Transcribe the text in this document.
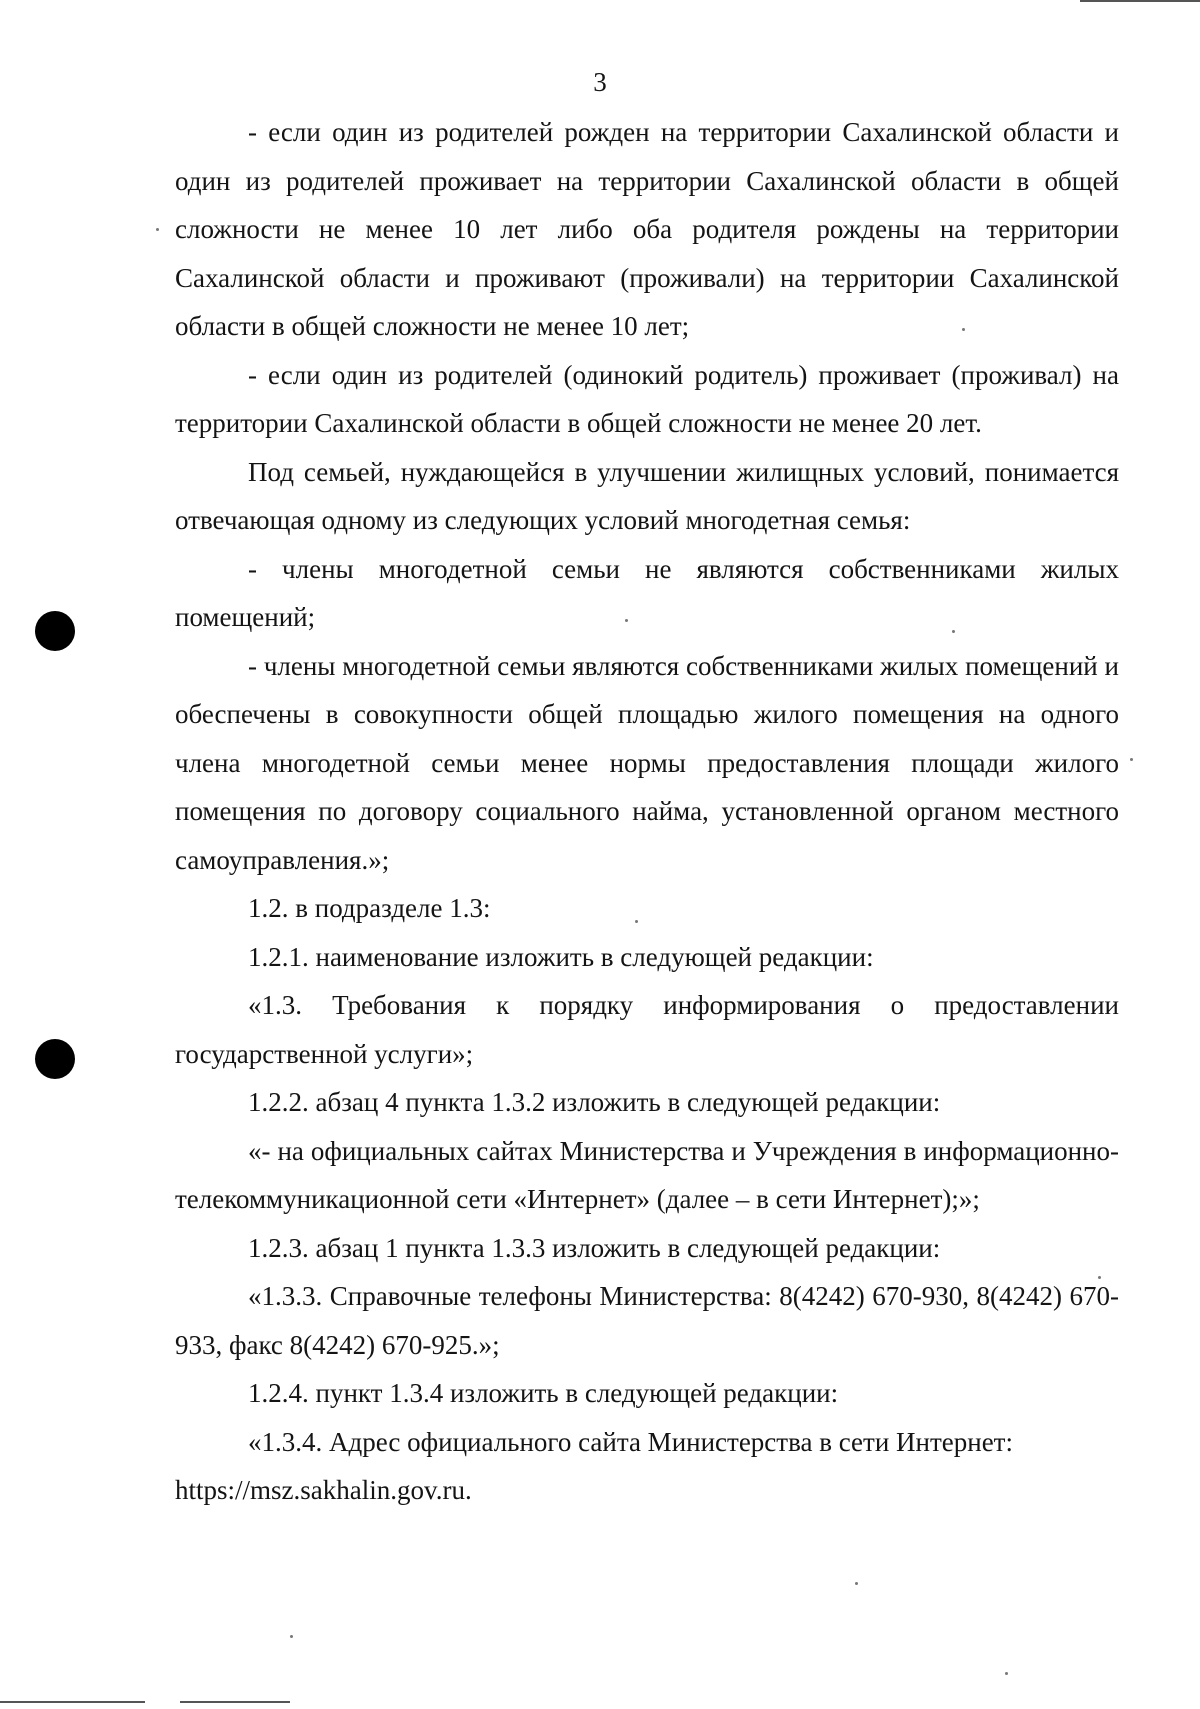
3

- если один из родителей рожден на территории Сахалинской области и один из родителей проживает на территории Сахалинской области в общей сложности не менее 10 лет либо оба родителя рождены на территории Сахалинской области и проживают (проживали) на территории Сахалинской области в общей сложности не менее 10 лет;

- если один из родителей (одинокий родитель) проживает (проживал) на территории Сахалинской области в общей сложности не менее 20 лет.

Под семьей, нуждающейся в улучшении жилищных условий, понимается отвечающая одному из следующих условий многодетная семья:

- члены многодетной семьи не являются собственниками жилых помещений;

- члены многодетной семьи являются собственниками жилых помещений и обеспечены в совокупности общей площадью жилого помещения на одного члена многодетной семьи менее нормы предоставления площади жилого помещения по договору социального найма, установленной органом местного самоуправления.»;

1.2. в подразделе 1.3:

1.2.1. наименование изложить в следующей редакции:

«1.3. Требования к порядку информирования о предоставлении государственной услуги»;

1.2.2. абзац 4 пункта 1.3.2 изложить в следующей редакции:

«- на официальных сайтах Министерства и Учреждения в информационно-телекоммуникационной сети «Интернет» (далее – в сети Интернет);»;

1.2.3. абзац 1 пункта 1.3.3 изложить в следующей редакции:

«1.3.3. Справочные телефоны Министерства: 8(4242) 670-930, 8(4242) 670-933, факс 8(4242) 670-925.»;

1.2.4. пункт 1.3.4 изложить в следующей редакции:

«1.3.4. Адрес официального сайта Министерства в сети Интернет: https://msz.sakhalin.gov.ru.
